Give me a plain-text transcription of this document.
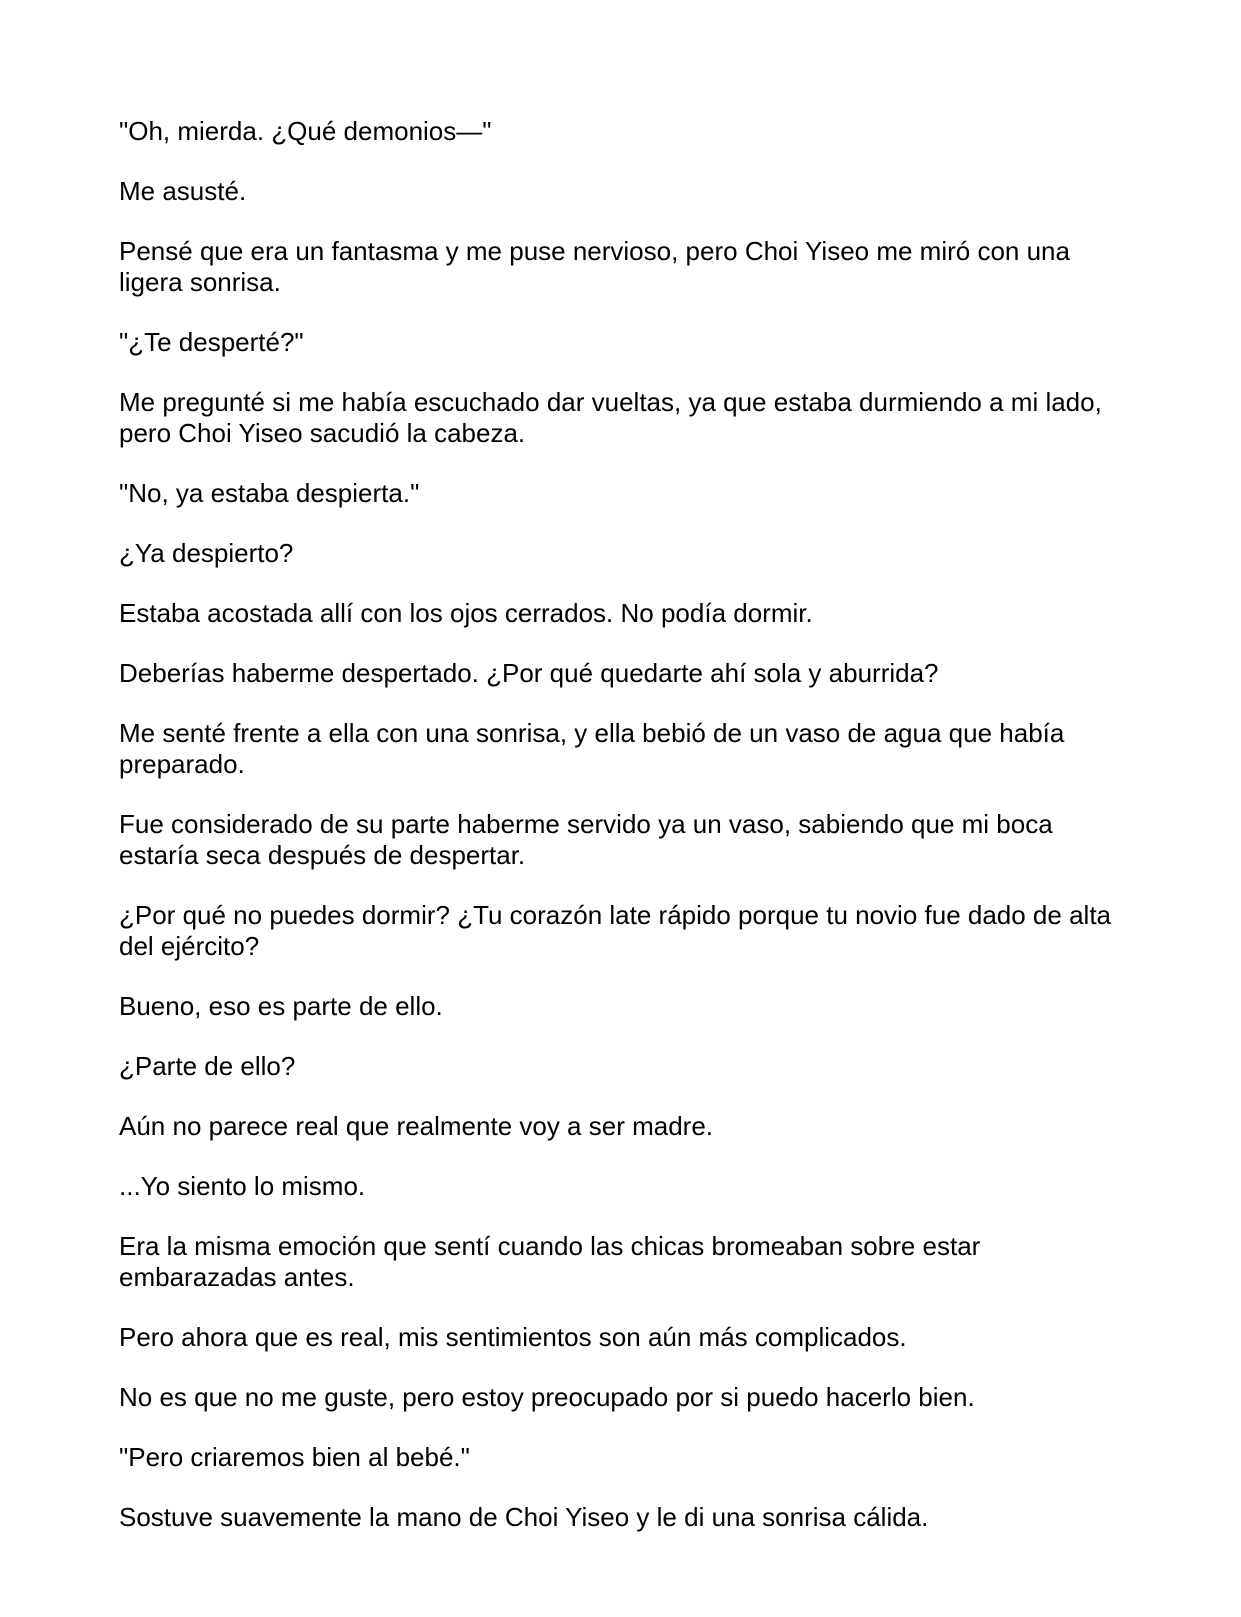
"Oh, mierda. ¿Qué demonios—"

Me asusté.

Pensé que era un fantasma y me puse nervioso, pero Choi Yiseo me miró con una ligera sonrisa.

"¿Te desperté?"

Me pregunté si me había escuchado dar vueltas, ya que estaba durmiendo a mi lado, pero Choi Yiseo sacudió la cabeza.

"No, ya estaba despierta."

¿Ya despierto?

Estaba acostada allí con los ojos cerrados. No podía dormir.

Deberías haberme despertado. ¿Por qué quedarte ahí sola y aburrida?

Me senté frente a ella con una sonrisa, y ella bebió de un vaso de agua que había preparado.

Fue considerado de su parte haberme servido ya un vaso, sabiendo que mi boca estaría seca después de despertar.

¿Por qué no puedes dormir? ¿Tu corazón late rápido porque tu novio fue dado de alta del ejército?

Bueno, eso es parte de ello.

¿Parte de ello?

Aún no parece real que realmente voy a ser madre.

...Yo siento lo mismo.

Era la misma emoción que sentí cuando las chicas bromeaban sobre estar embarazadas antes.

Pero ahora que es real, mis sentimientos son aún más complicados.

No es que no me guste, pero estoy preocupado por si puedo hacerlo bien.

"Pero criaremos bien al bebé."

Sostuve suavemente la mano de Choi Yiseo y le di una sonrisa cálida.
